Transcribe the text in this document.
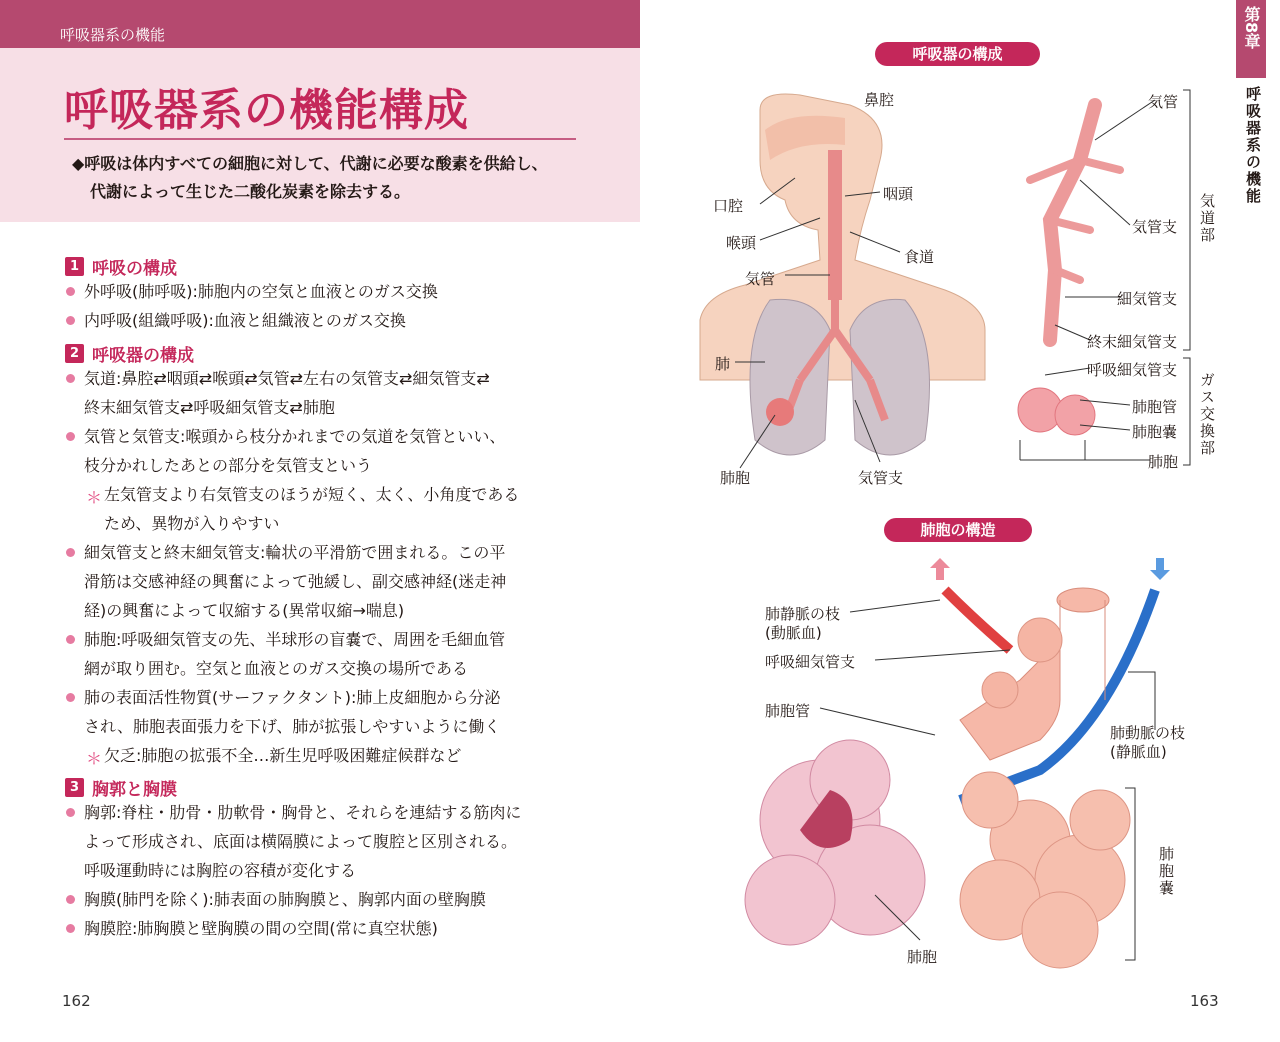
呼吸器系の機能
呼吸器系の機能構成
◆呼吸は体内すべての細胞に対して、代謝に必要な酸素を供給し、
代謝によって生じた二酸化炭素を除去する。
1 呼吸の構成
外呼吸(肺呼吸):肺胞内の空気と血液とのガス交換
内呼吸(組織呼吸):血液と組織液とのガス交換
2 呼吸器の構成
気道:鼻腔⇄咽頭⇄喉頭⇄気管⇄左右の気管支⇄細気管支⇄
終末細気管支⇄呼吸細気管支⇄肺胞
気管と気管支:喉頭から枝分かれまでの気道を気管といい、
枝分かれしたあとの部分を気管支という
＊ 左気管支より右気管支のほうが短く、太く、小角度である
ため、異物が入りやすい
細気管支と終末細気管支:輪状の平滑筋で囲まれる。この平
滑筋は交感神経の興奮によって弛緩し、副交感神経(迷走神
経)の興奮によって収縮する(異常収縮→喘息)
肺胞:呼吸細気管支の先、半球形の盲嚢で、周囲を毛細血管
網が取り囲む。空気と血液とのガス交換の場所である
肺の表面活性物質(サーファクタント):肺上皮細胞から分泌
され、肺胞表面張力を下げ、肺が拡張しやすいように働く
＊ 欠乏:肺胞の拡張不全…新生児呼吸困難症候群など
3 胸郭と胸膜
胸郭:脊柱・肋骨・肋軟骨・胸骨と、それらを連結する筋肉に
よって形成され、底面は横隔膜によって腹腔と区別される。
呼吸運動時には胸腔の容積が変化する
胸膜(肺門を除く):肺表面の肺胸膜と、胸郭内面の壁胸膜
胸膜腔:肺胸膜と壁胸膜の間の空間(常に真空状態)
162
第8章
呼吸器系の機能
呼吸器の構成
肺胞の構造
鼻腔
口腔
咽頭
喉頭
食道
気管
肺
肺胞	気管支
気管
気管支
細気管支
終末細気管支
呼吸細気管支
肺胞管
肺胞嚢
肺胞
気道部
ガス交換部
肺静脈の枝
(動脈血)
呼吸細気管支
肺胞管
肺動脈の枝
(静脈血)
肺胞嚢
肺胞
163
